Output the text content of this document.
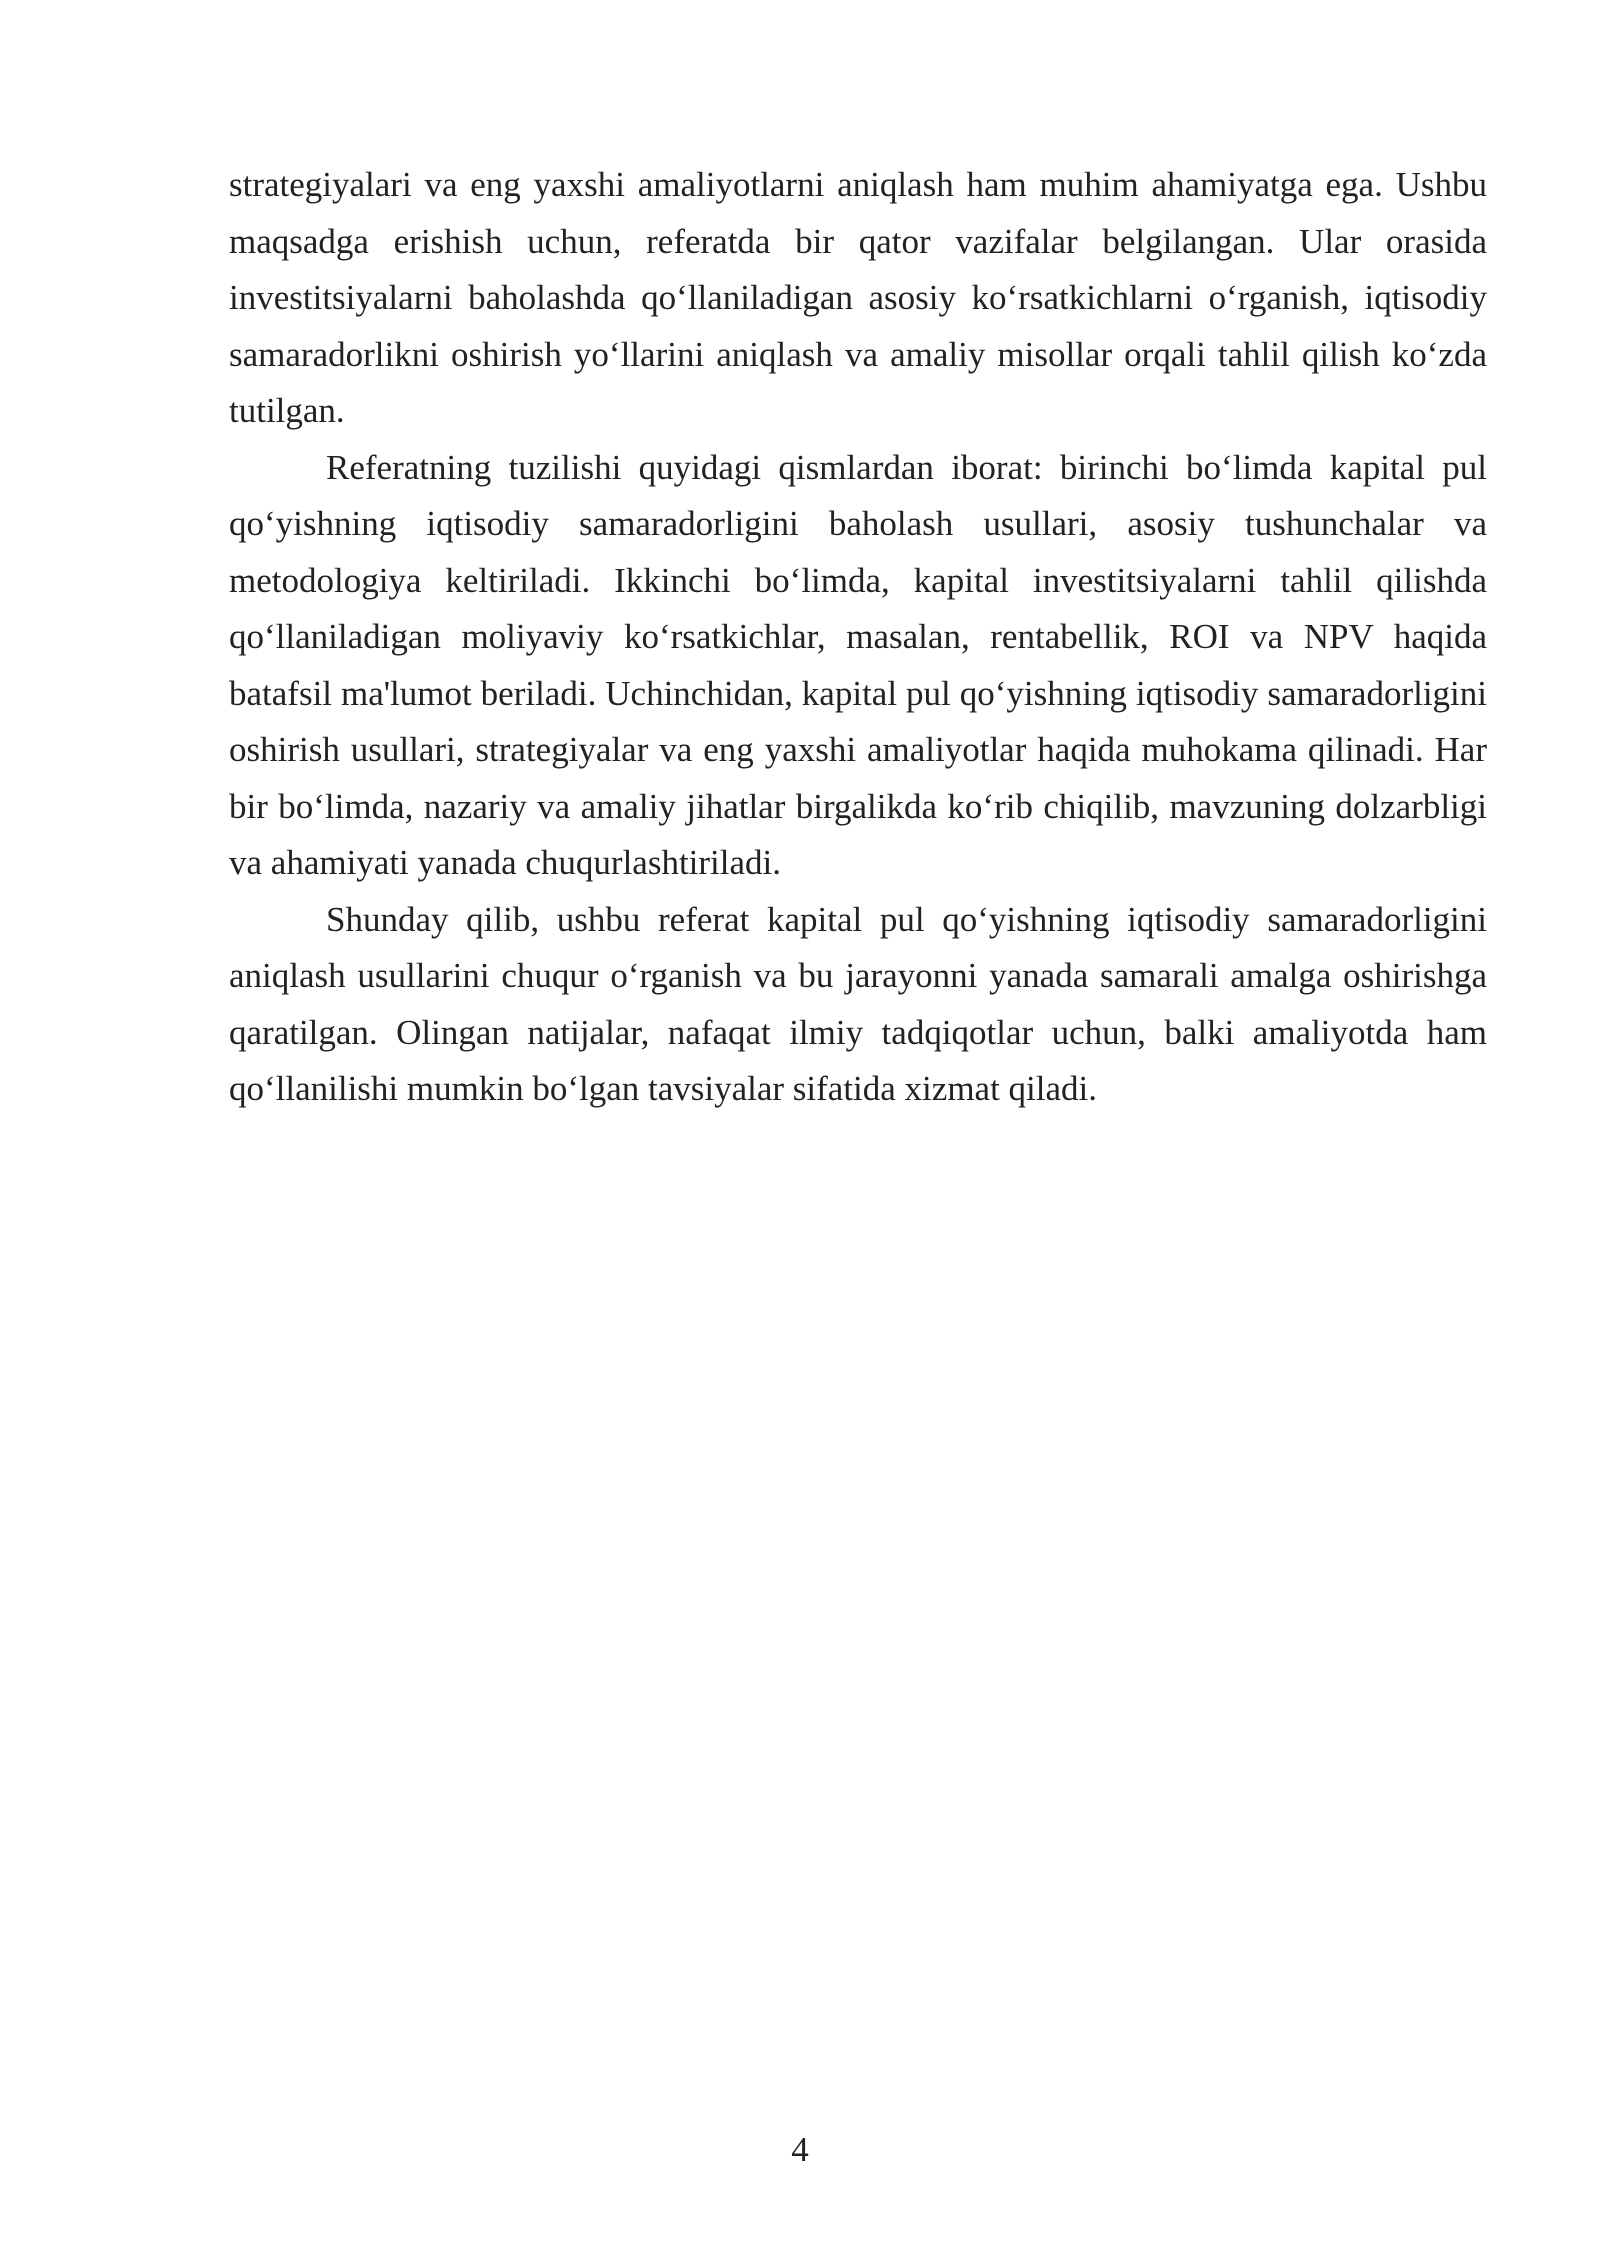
strategiyalari va eng yaxshi amaliyotlarni aniqlash ham muhim ahamiyatga ega. Ushbu maqsadga erishish uchun, referatda bir qator vazifalar belgilangan. Ular orasida investitsiyalarni baholashda qo‘llaniladigan asosiy ko‘rsatkichlarni o‘rganish, iqtisodiy samaradorlikni oshirish yo‘llarini aniqlash va amaliy misollar orqali tahlil qilish ko‘zda tutilgan.

Referatning tuzilishi quyidagi qismlardan iborat: birinchi bo‘limda kapital pul qo‘yishning iqtisodiy samaradorligini baholash usullari, asosiy tushunchalar va metodologiya keltiriladi. Ikkinchi bo‘limda, kapital investitsiyalarni tahlil qilishda qo‘llaniladigan moliyaviy ko‘rsatkichlar, masalan, rentabellik, ROI va NPV haqida batafsil ma'lumot beriladi. Uchinchidan, kapital pul qo‘yishning iqtisodiy samaradorligini oshirish usullari, strategiyalar va eng yaxshi amaliyotlar haqida muhokama qilinadi. Har bir bo‘limda, nazariy va amaliy jihatlar birgalikda ko‘rib chiqilib, mavzuning dolzarbligi va ahamiyati yanada chuqurlashtiriladi.

Shunday qilib, ushbu referat kapital pul qo‘yishning iqtisodiy samaradorligini aniqlash usullarini chuqur o‘rganish va bu jarayonni yanada samarali amalga oshirishga qaratilgan. Olingan natijalar, nafaqat ilmiy tadqiqotlar uchun, balki amaliyotda ham qo‘llanilishi mumkin bo‘lgan tavsiyalar sifatida xizmat qiladi.

4
